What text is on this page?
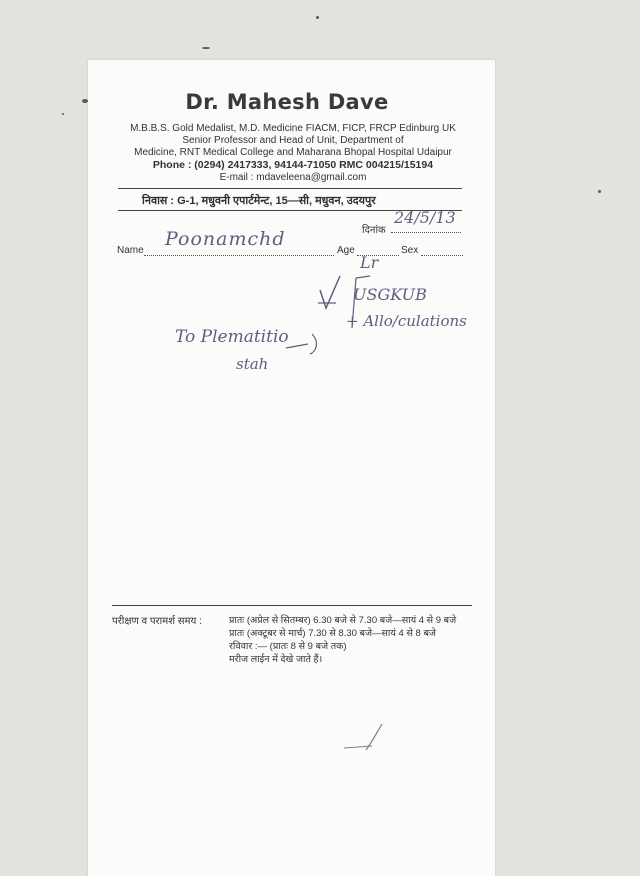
Dr. Mahesh Dave
M.B.B.S. Gold Medalist, M.D. Medicine FIACM, FICP, FRCP Edinburg UK
Senior Professor and Head of Unit, Department of
Medicine, RNT Medical College and Maharana Bhopal Hospital Udaipur
Phone : (0294) 2417333, 94144-71050 RMC 004215/15194
E-mail : mdaveleena@gmail.com
निवास : G-1, मधुवनी एपार्टमेन्ट, 15—सी, मधुवन, उदयपुर
दिनांक
24/5/13
Name
Poonamchd
Age	Sex
Lr
USGKUB
+ Allo/culations
To Plematitio
stah
परीक्षण व परामर्श समय :	प्रातः (अप्रेल से सितम्बर) 6.30 बजे से 7.30 बजे—सायं 4 से 9 बजे
प्रातः (अक्टूबर से मार्च) 7.30 से 8.30 बजे—सायं 4 से 8 बजे
रविवार :— (प्रातः 8 से 9 बजे तक)
मरीज लाईन में देखे जाते हैं।
